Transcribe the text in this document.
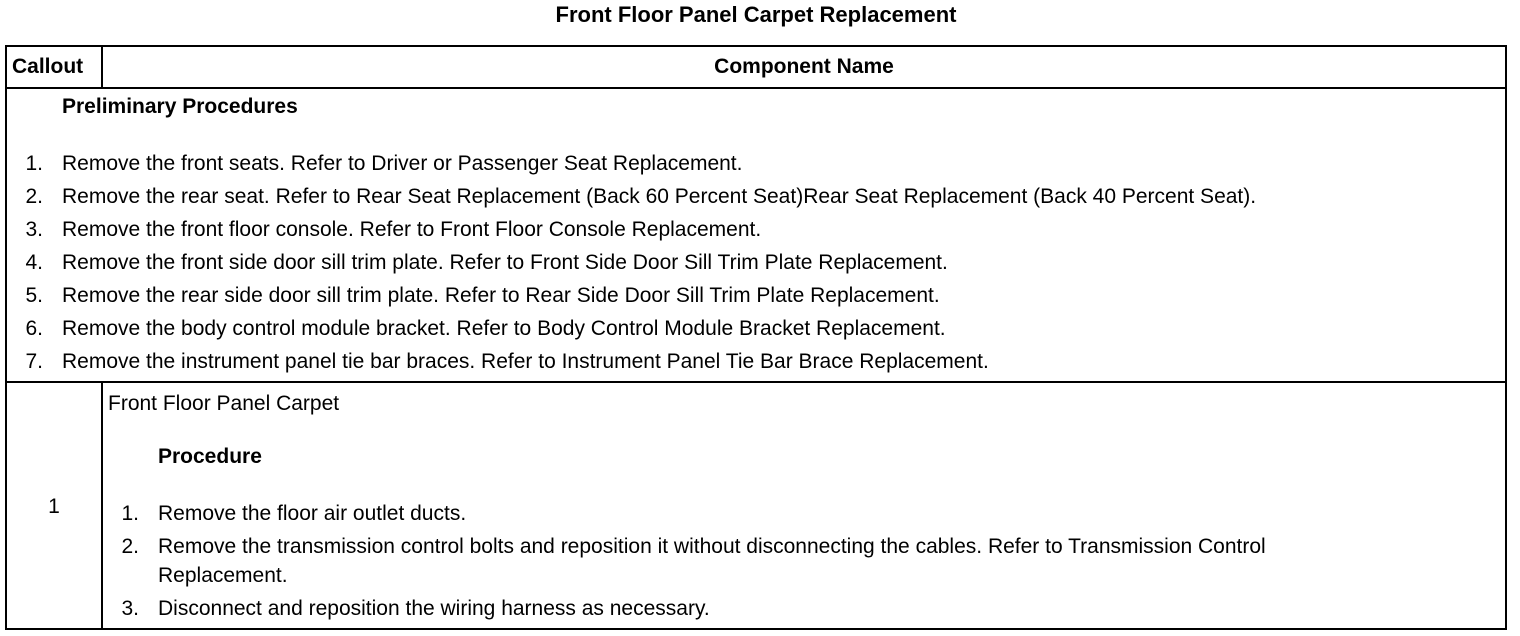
Front Floor Panel Carpet Replacement
Callout	Component Name
Preliminary Procedures
1. Remove the front seats. Refer to Driver or Passenger Seat Replacement.
2. Remove the rear seat. Refer to Rear Seat Replacement (Back 60 Percent Seat)Rear Seat Replacement (Back 40 Percent Seat).
3. Remove the front floor console. Refer to Front Floor Console Replacement.
4. Remove the front side door sill trim plate. Refer to Front Side Door Sill Trim Plate Replacement.
5. Remove the rear side door sill trim plate. Refer to Rear Side Door Sill Trim Plate Replacement.
6. Remove the body control module bracket. Refer to Body Control Module Bracket Replacement.
7. Remove the instrument panel tie bar braces. Refer to Instrument Panel Tie Bar Brace Replacement.
1
Front Floor Panel Carpet
Procedure
1. Remove the floor air outlet ducts.
2. Remove the transmission control bolts and reposition it without disconnecting the cables. Refer to Transmission Control
Replacement.
3. Disconnect and reposition the wiring harness as necessary.
